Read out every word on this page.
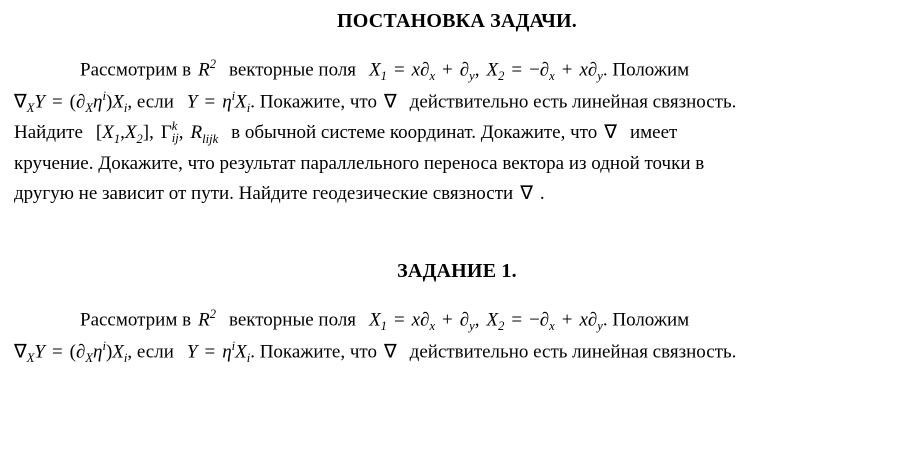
ПОСТАНОВКА ЗАДАЧИ.
Рассмотрим в $R^2$ векторные поля $X_1 = x\partial_x + \partial_y$, $X_2 = -\partial_x + x\partial_y$. Положим
$\nabla_XY = (\partial_X\eta^i)X_i$, если $Y = \eta^iX_i$. Покажите, что ∇ действительно есть линейная связность.
Найдите $[X_1,X_2]$, Γ k
ij , $R_{lijk}$ в обычной системе координат. Докажите, что ∇ имеет
кручение. Докажите, что результат параллельного переноса вектора из одной точки в
другую не зависит от пути. Найдите геодезические связности ∇ .
ЗАДАНИЕ 1.
Рассмотрим в $R^2$ векторные поля $X_1 = x\partial_x + \partial_y$, $X_2 = -\partial_x + x\partial_y$. Положим
$\nabla_XY = (\partial_X\eta^i)X_i$, если $Y = \eta^iX_i$. Покажите, что ∇ действительно есть линейная связность.
